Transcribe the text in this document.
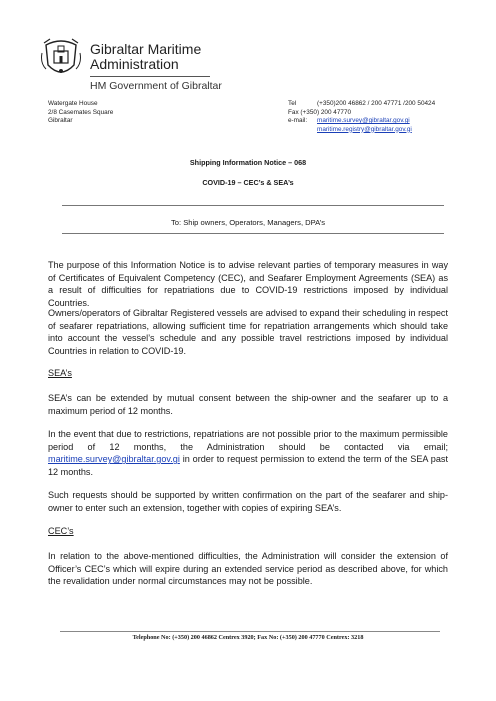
Gibraltar Maritime
Administration
HM Government of Gibraltar
Watergate House
2/8 Casemates Square
Gibraltar
Tel	(+350)200 46862 / 200 47771 /200 50424
Fax (+350) 200 47770
e-mail:	maritime.survey@gibraltar.gov.gi
maritime.registry@gibraltar.gov.gi
Shipping Information Notice – 068
COVID-19 – CEC’s & SEA’s
To: Ship owners, Operators, Managers, DPA’s
The purpose of this Information Notice is to advise relevant parties of temporary measures in way of Certificates of Equivalent Competency (CEC), and Seafarer Employment Agreements (SEA) as a result of difficulties for repatriations due to COVID-19 restrictions imposed by individual Countries.
Owners/operators of Gibraltar Registered vessels are advised to expand their scheduling in respect of seafarer repatriations, allowing sufficient time for repatriation arrangements which should take into account the vessel’s schedule and any possible travel restrictions imposed by individual Countries in relation to COVID-19.
SEA’s
SEA’s can be extended by mutual consent between the ship-owner and the seafarer up to a maximum period of 12 months.
In the event that due to restrictions, repatriations are not possible prior to the maximum permissible period of 12 months, the Administration should be contacted via email; maritime.survey@gibraltar.gov.gi in order to request permission to extend the term of the SEA past 12 months.
Such requests should be supported by written confirmation on the part of the seafarer and ship-owner to enter such an extension, together with copies of expiring SEA’s.
CEC’s
In relation to the above-mentioned difficulties, the Administration will consider the extension of Officer’s CEC’s which will expire during an extended service period as described above, for which the revalidation under normal circumstances may not be possible.
Telephone No: (+350) 200 46862 Centrex 3920; Fax No: (+350) 200 47770 Centrex: 3218
